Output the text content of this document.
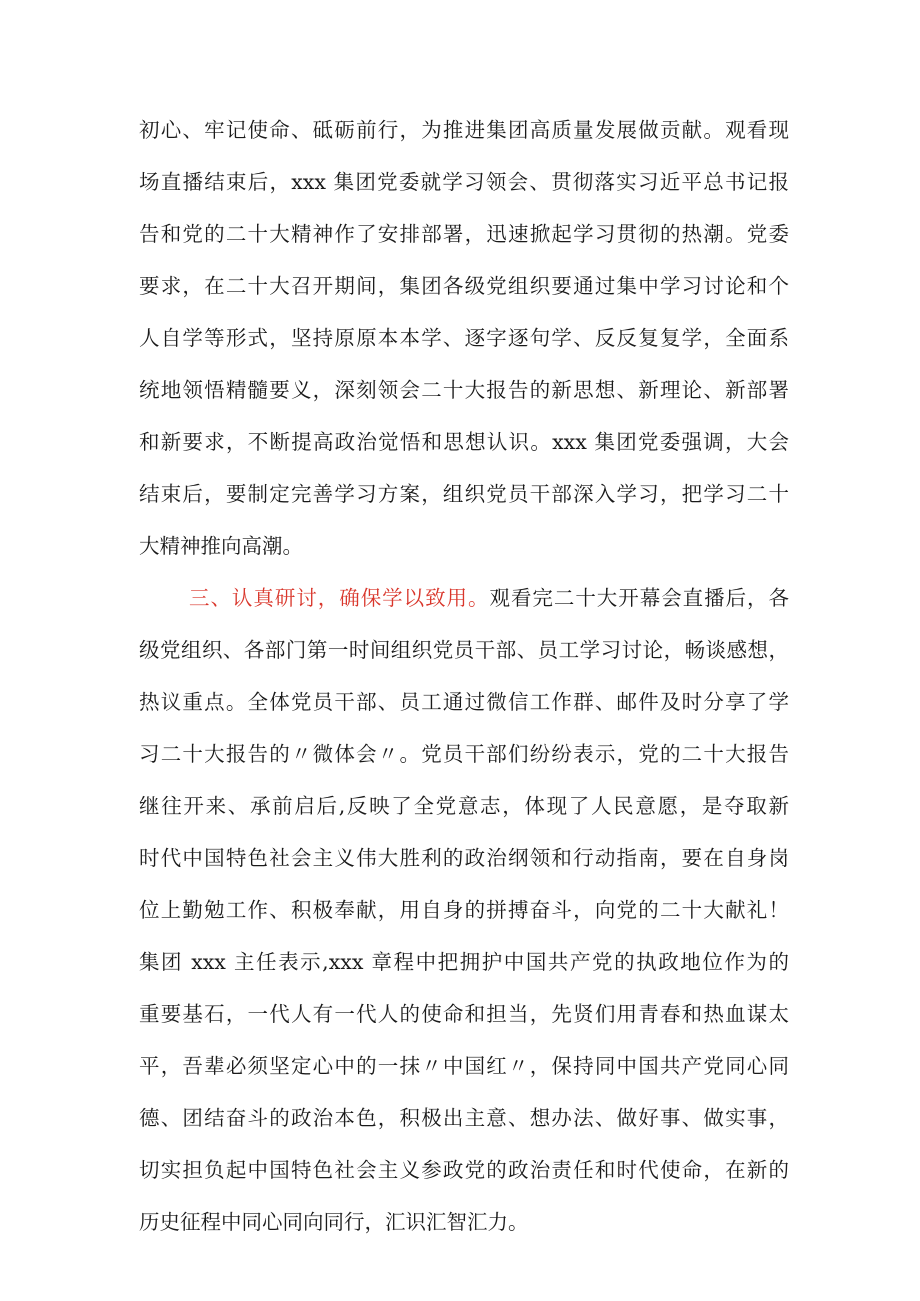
初心、牢记使命、砥砺前行，为推进集团高质量发展做贡献。观看现

场直播结束后，xxx 集团党委就学习领会、贯彻落实习近平总书记报

告和党的二十大精神作了安排部署，迅速掀起学习贯彻的热潮。党委

要求，在二十大召开期间，集团各级党组织要通过集中学习讨论和个

人自学等形式，坚持原原本本学、逐字逐句学、反反复复学，全面系

统地领悟精髓要义，深刻领会二十大报告的新思想、新理论、新部署

和新要求，不断提高政治觉悟和思想认识。xxx 集团党委强调，大会

结束后，要制定完善学习方案，组织党员干部深入学习，把学习二十

大精神推向高潮。

三、认真研讨，确保学以致用。观看完二十大开幕会直播后，各

级党组织、各部门第一时间组织党员干部、员工学习讨论，畅谈感想，

热议重点。全体党员干部、员工通过微信工作群、邮件及时分享了学

习二十大报告的〃微体会〃。党员干部们纷纷表示，党的二十大报告

继往开来、承前启后,反映了全党意志，体现了人民意愿，是夺取新

时代中国特色社会主义伟大胜利的政治纲领和行动指南，要在自身岗

位上勤勉工作、积极奉献，用自身的拼搏奋斗，向党的二十大献礼！

集团 xxx 主任表示,xxx 章程中把拥护中国共产党的执政地位作为的

重要基石，一代人有一代人的使命和担当，先贤们用青春和热血谋太

平，吾辈必须坚定心中的一抹〃中国红〃，保持同中国共产党同心同

德、团结奋斗的政治本色，积极出主意、想办法、做好事、做实事，

切实担负起中国特色社会主义参政党的政治责任和时代使命，在新的

历史征程中同心同向同行，汇识汇智汇力。
